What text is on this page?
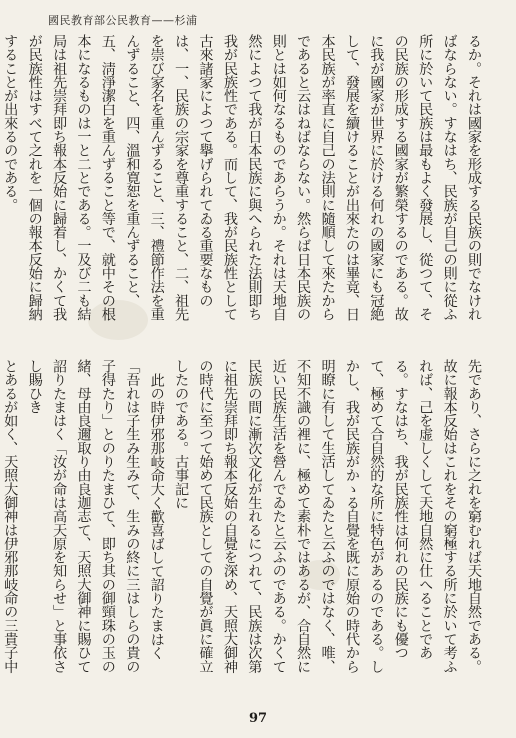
國民教育部公民教育——杉浦

るか。それは國家を形成する民族の則でなければならない。すなはち、民族が自己の則に從ふ所に於いて民族は最もよく發展し、從つて、その民族の形成する國家が繁榮するのである。故に我が國家が世界に於ける何れの國家にも冠絶して、發展を續けることが出來たのは畢竟、日本民族が率直に自己の法則に隨順して來たからであると云はねばならない。然らば日本民族の則とは如何なるものであらうか。それは天地自然によつて我が日本民族に與へられた法則即ち我が民族性である。而して、我が民族性として古來諸家によつて擧げられてゐる重要なものは、一、民族の宗家を尊重すること、二、祖先を崇び家名を重んずること、三、禮節作法を重んずること、四、溫和寛恕を重んずること、五、淸淨潔白を重んずること等で、就中その根本になるものは一と二とである。一及び二も結局は祖先崇拜即ち報本反始に歸着し、かくて我が民族性はすべて之れを一個の報本反始に歸納することが出來るのである。

先であり、さらに之れを窮むれば天地自然である。故に報本反始はこれをその窮極する所に於いて考ふれば、己を虚しくして天地自然に仕へることである。すなはち、我が民族性は何れの民族にも優つて、極めて合自然的な所に特色があるのである。しかし、我が民族がかゝる自覺を既に原始の時代から明瞭に有して生活してゐたと云ふのではなく、唯、不知不識の裡に、極めて素朴ではあるが、合自然に近い民族生活を營んでゐたと云ふのである。かくて民族の間に漸次文化が生れるにつれて、民族は次第に祖先崇拜即ち報本反始の自覺を深め、天照大御神の時代に至つて始めて民族としての自覺が眞に確立したのである。古事記に

此の時伊邪那岐命大く歡喜ばして詔りたまはく「吾れは子生み生みて、生みの終に三はしらの貴の子得たり」とのりたまひて、即ち其の御頸珠の玉の緒、母由良邇取り由良迦志て、天照大御神に賜ひて詔りたまはく「汝が命は高天原を知らせ」と事依さし賜ひき

とあるが如く、天照大御神は伊邪那岐命の三貴子中

97
